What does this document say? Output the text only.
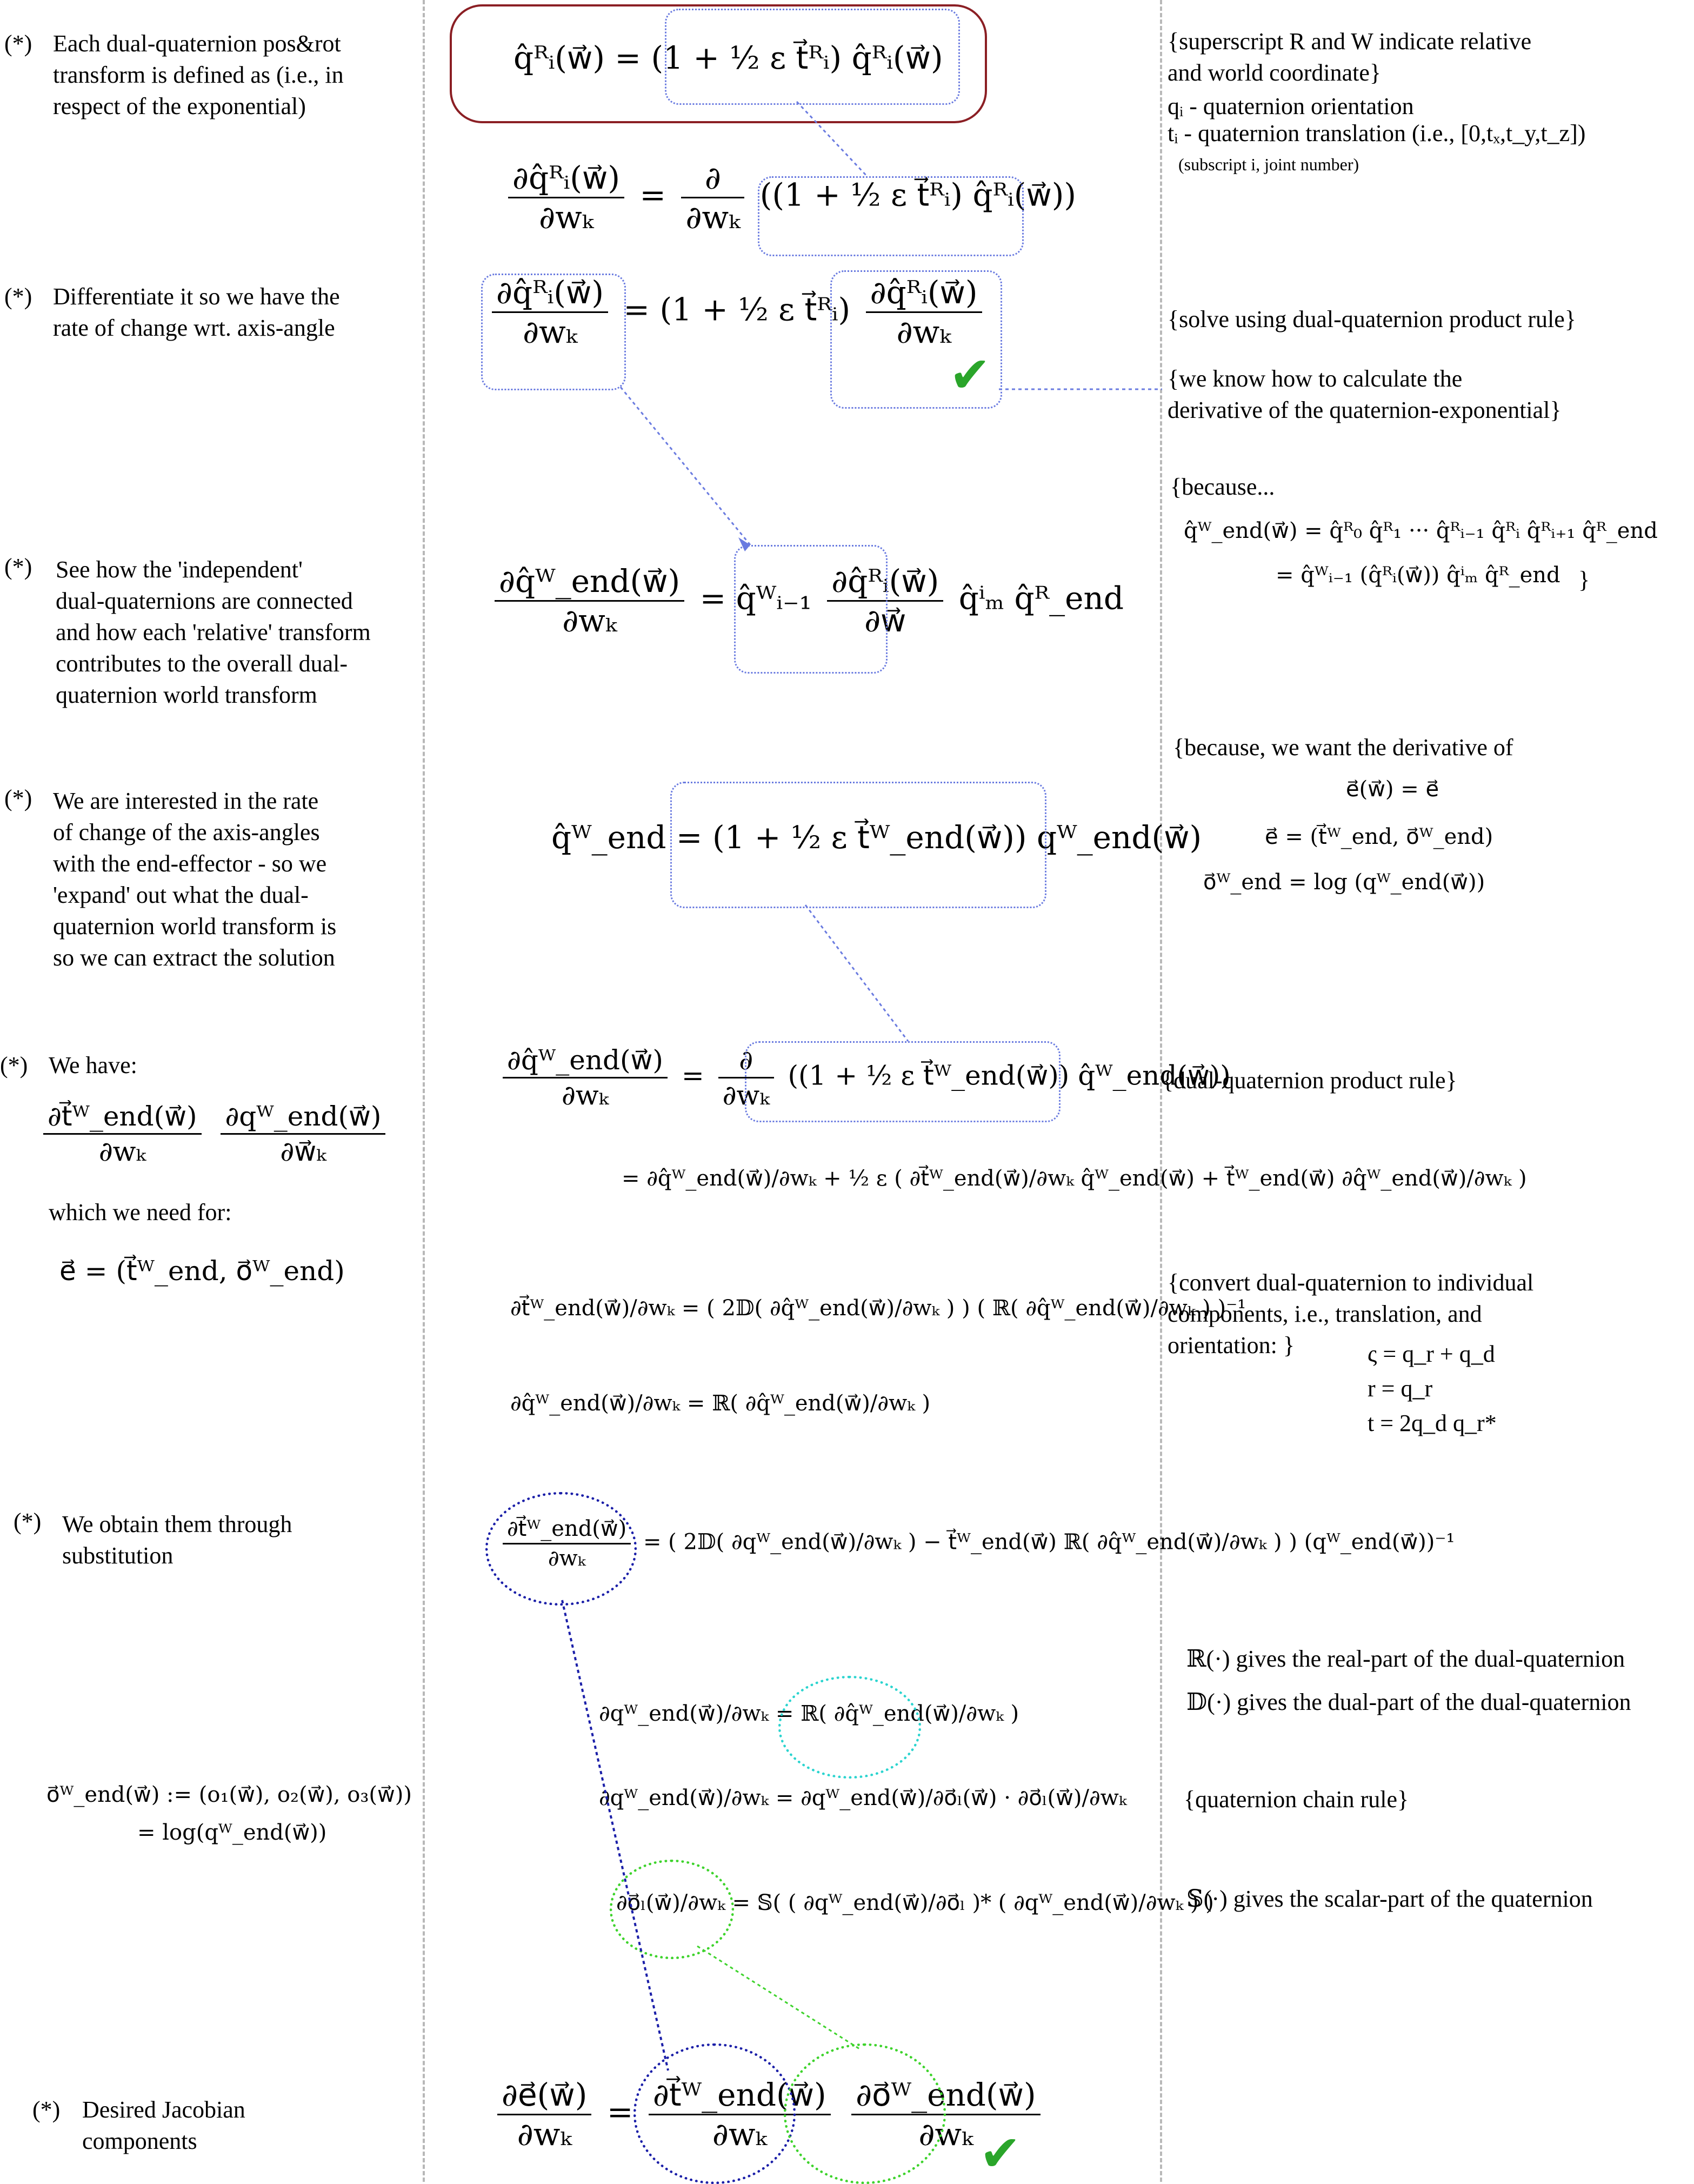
(*) Each dual-quaternion pos&rot
transform is defined as (i.e., in
respect of the exponential)
(*) Differentiate it so we have the
rate of change wrt. axis-angle
(*) See how the 'independent'
dual-quaternions are connected
and how each 'relative' transform
contributes to the overall dual-
quaternion world transform
(*) We are interested in the rate
of change of the axis-angles
with the end-effector - so we
'expand' out what the dual-
quaternion world transform is
so we can extract the solution
(*) We have:
$\frac{\text{∂t⃗ᵂ\_end(w⃗)}}{\text{∂wₖ}}$
$\frac{\text{∂qᵂ\_end(w⃗)}}{\text{∂w⃗ₖ}}$
which we need for:
e⃗ = (t⃗ᵂ_end, o⃗ᵂ_end)
(*) We obtain them through
substitution
o⃗ᵂ_end(w⃗) := (o₁(w⃗), o₂(w⃗), o₃(w⃗))
= log(qᵂ_end(w⃗))
(*) Desired Jacobian
components
q̂ᴿᵢ(w⃗) = (1 + ½ ε t⃗ᴿᵢ) q̂ᴿᵢ(w⃗)
$\frac{\text{∂q̂ᴿᵢ(w⃗)}}{\text{∂wₖ}} = \frac{\partial}{\text{∂wₖ}} ((1$ + ½ ε t⃗ᴿᵢ) q̂ᴿᵢ(w⃗))
$\frac{\text{∂q̂ᴿᵢ(w⃗)}}{\text{∂wₖ}} = (1$ + ½ ε t⃗ᴿᵢ) $\frac{\text{∂q̂ᴿᵢ(w⃗)}}{\text{∂wₖ}}$
✔
$\frac{\text{∂q̂ᵂ\_end(w⃗)}}{\text{∂wₖ}}$ = q̂ᵂᵢ₋₁ $\frac{\text{∂q̂ᴿᵢ(w⃗)}}{\partial w⃗}$ q̂ⁱₘ q̂ᴿ_end
q̂ᵂ_end = (1 + ½ ε t⃗ᵂ_end(w⃗)) qᵂ_end(w⃗)
$\frac{\text{∂q̂ᵂ\_end(w⃗)}}{\text{∂wₖ}} = \frac{\partial}{\text{∂wₖ}} ((1$ + ½ ε t⃗ᵂ_end(w⃗)) q̂ᵂ_end(w⃗))
= ∂q̂ᵂ_end(w⃗)/∂wₖ + ½ ε ( ∂t⃗ᵂ_end(w⃗)/∂wₖ q̂ᵂ_end(w⃗) + t⃗ᵂ_end(w⃗) ∂q̂ᵂ_end(w⃗)/∂wₖ )
∂t⃗ᵂ_end(w⃗)/∂wₖ = ( 2𝔻( ∂q̂ᵂ_end(w⃗)/∂wₖ ) ) ( ℝ( ∂q̂ᵂ_end(w⃗)/∂wₖ ) )⁻¹
∂q̂ᵂ_end(w⃗)/∂wₖ = ℝ( ∂q̂ᵂ_end(w⃗)/∂wₖ )
$\frac{\text{∂t⃗ᵂ\_end(w⃗)}}{\text{∂wₖ}}$ = ( 2𝔻( ∂qᵂ_end(w⃗)/∂wₖ ) − t⃗ᵂ_end(w⃗) ℝ( ∂q̂ᵂ_end(w⃗)/∂wₖ ) ) (qᵂ_end(w⃗))⁻¹
∂qᵂ_end(w⃗)/∂wₖ = ℝ( ∂q̂ᵂ_end(w⃗)/∂wₖ )
∂qᵂ_end(w⃗)/∂wₖ = ∂qᵂ_end(w⃗)/∂o⃗ₗ(w⃗) · ∂o⃗ₗ(w⃗)/∂wₖ
∂o⃗ₗ(w⃗)/∂wₖ = 𝕊( ( ∂qᵂ_end(w⃗)/∂o⃗ₗ )* ( ∂qᵂ_end(w⃗)/∂wₖ ) )
$\frac{\partial e⃗(w⃗)}{\text{∂wₖ}} = \frac{\text{∂t⃗ᵂ\_end(w⃗)}}{\text{∂wₖ}}$
$\frac{\text{∂o⃗ᵂ\_end(w⃗)}}{\text{∂wₖ}}$
✔
{superscript R and W indicate relative
and world coordinate}
qᵢ - quaternion orientation
tᵢ - quaternion translation (i.e., [0,tₓ,t_y,t_z])
(subscript i, joint number)
{solve using dual-quaternion product rule}
{we know how to calculate the
derivative of the quaternion-exponential}
{because...
q̂ᵂ_end(w⃗) = q̂ᴿ₀ q̂ᴿ₁ ··· q̂ᴿᵢ₋₁ q̂ᴿᵢ q̂ᴿᵢ₊₁ q̂ᴿ_end
= q̂ᵂᵢ₋₁ (q̂ᴿᵢ(w⃗)) q̂ⁱₘ q̂ᴿ_end }
{because, we want the derivative of
e⃗(w⃗) = e⃗
e⃗ = (t⃗ᵂ_end, o⃗ᵂ_end)
o⃗ᵂ_end = log (qᵂ_end(w⃗))
{dual-quaternion product rule}
{convert dual-quaternion to individual
components, i.e., translation, and
orientation: }	ς = q_r + q_d
r = q_r
t = 2q_d q_r*
ℝ(·) gives the real-part of the dual-quaternion
𝔻(·) gives the dual-part of the dual-quaternion
{quaternion chain rule}
𝕊(·) gives the scalar-part of the quaternion
